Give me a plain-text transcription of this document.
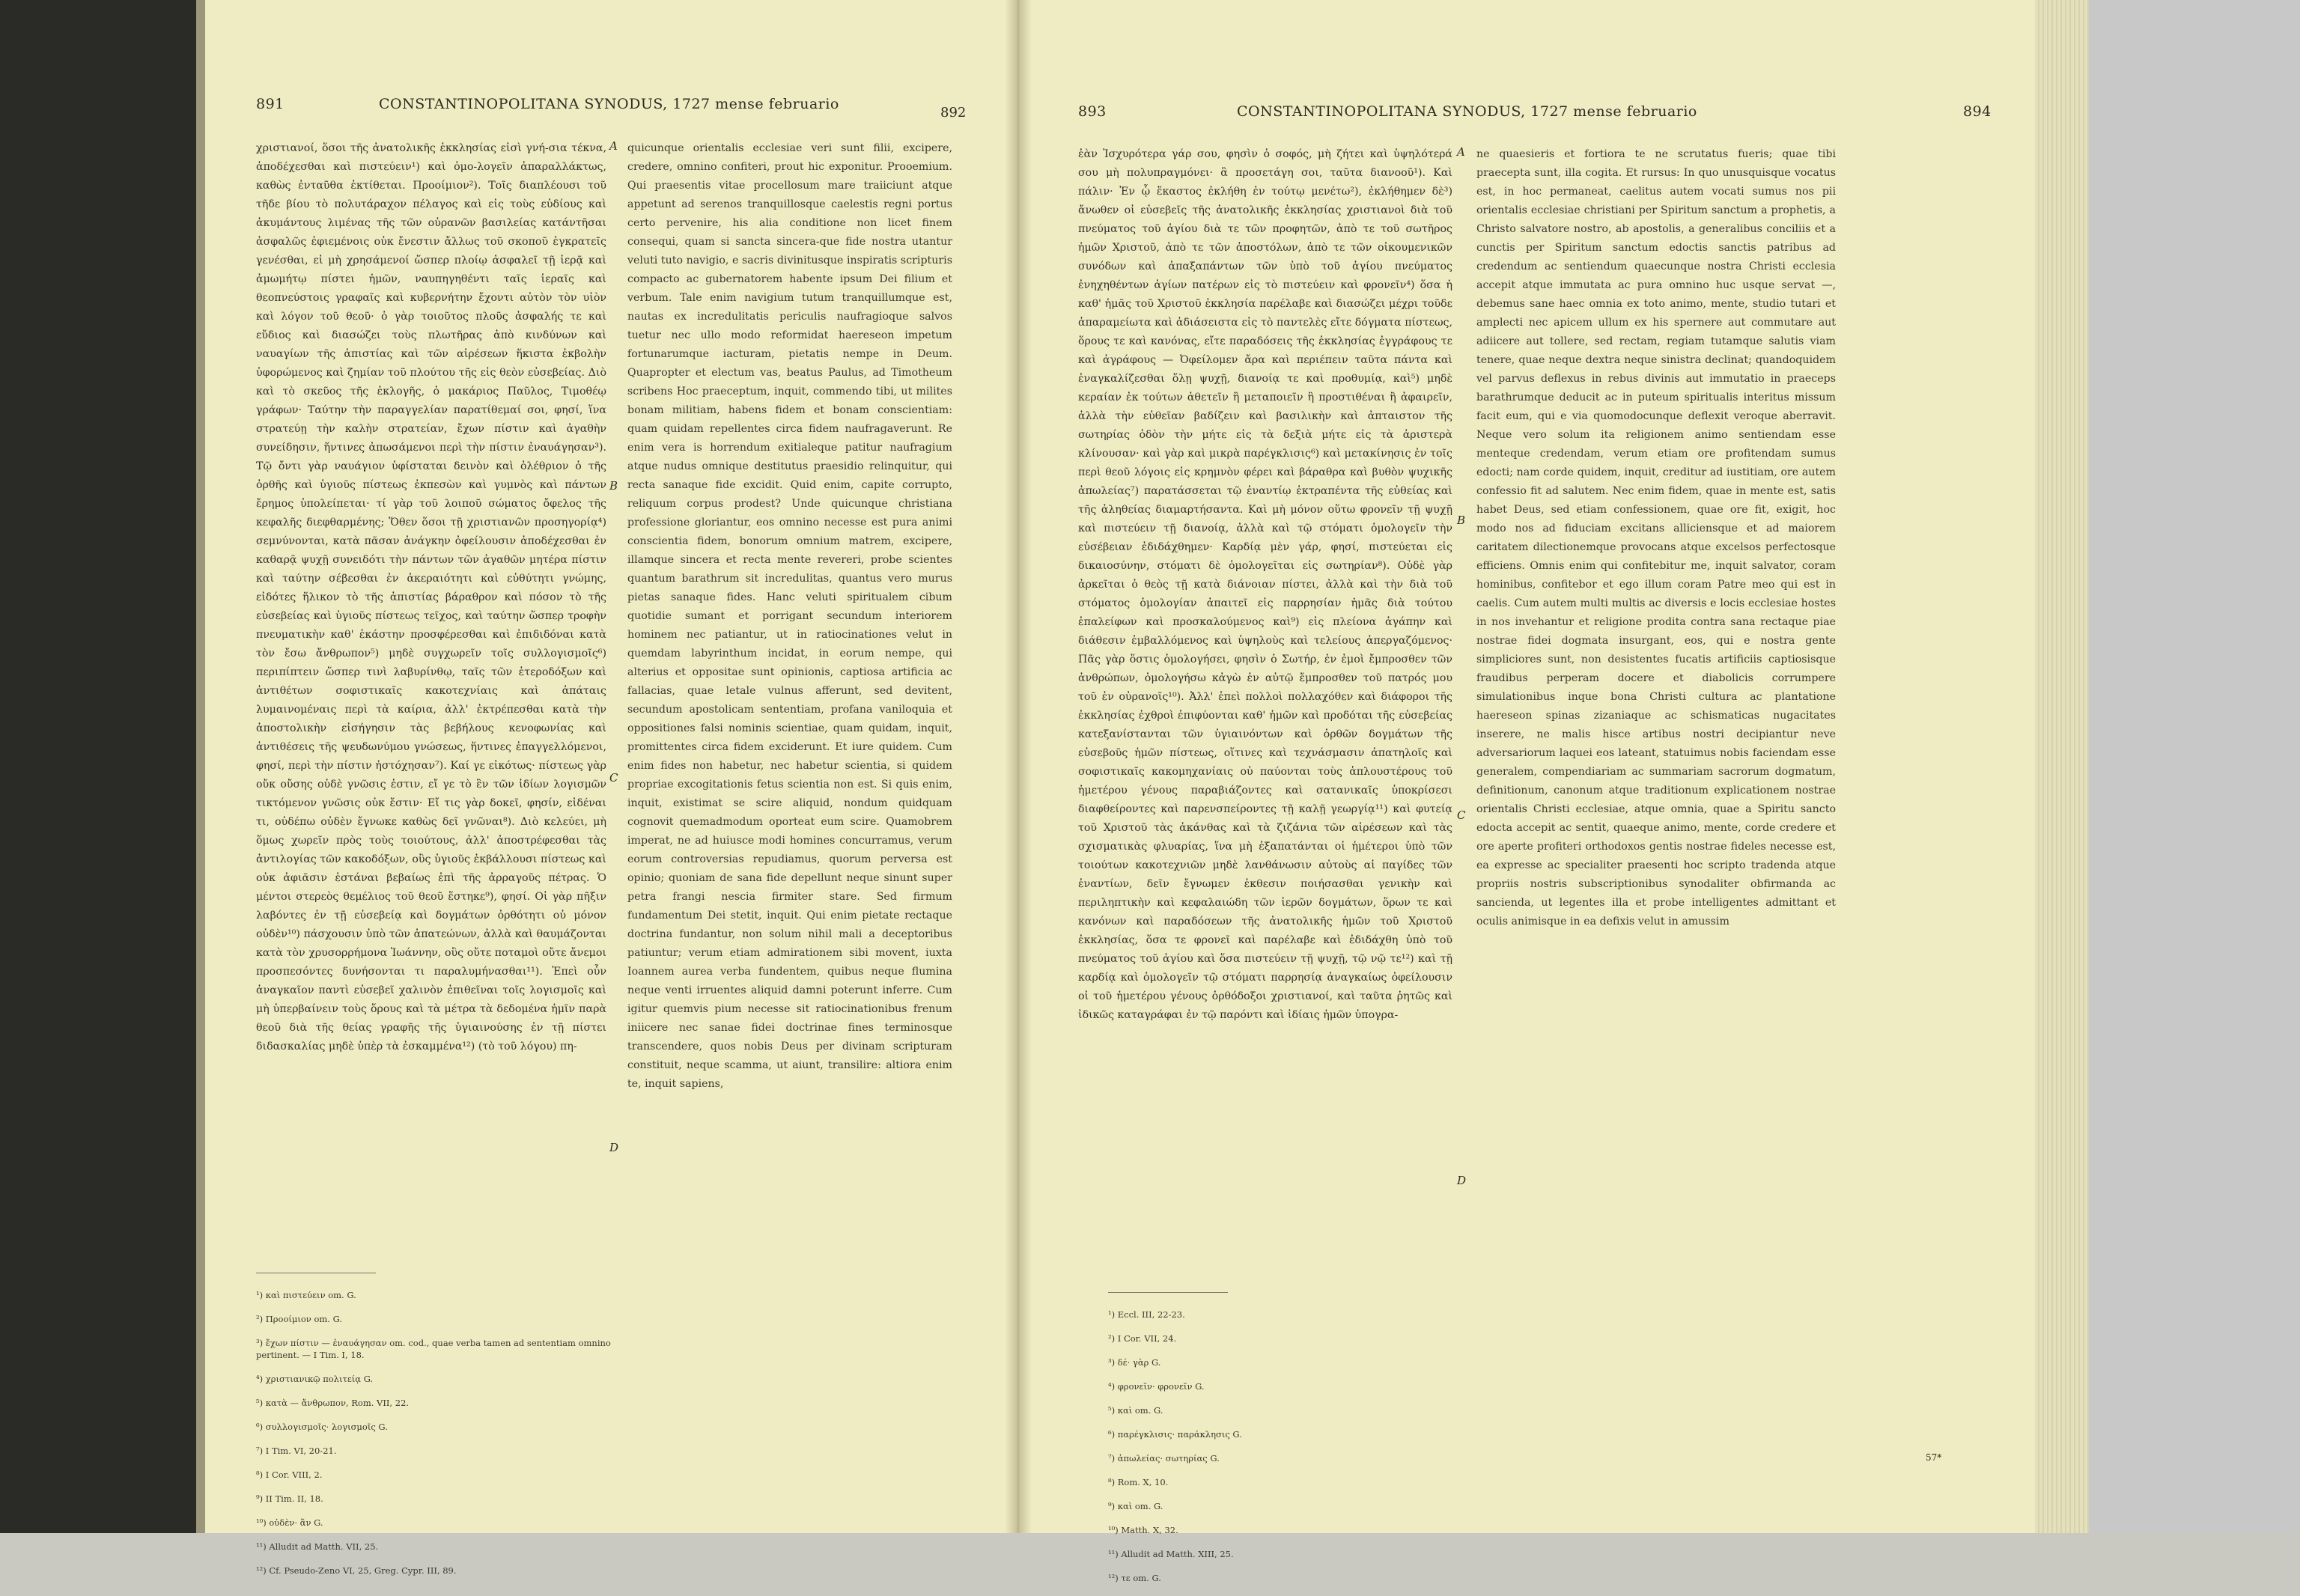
891	CONSTANTINOPOLITANA SYNODUS, 1727 mense februario
892	893	CONSTANTINOPOLITANA SYNODUS, 1727 mense februario	894
χριστιανοί, ὅσοι τῆς ἀνατολικῆς ἐκκλησίας εἰσὶ γνή-σια τέκνα, ἀποδέχεσθαι καὶ πιστεύειν¹) καὶ ὁμο-λογεῖν ἀπαραλλάκτως, καθὼς ἐνταῦθα ἐκτίθεται. Προοίμιον²). Τοῖς διαπλέουσι τοῦ τῆδε βίου τὸ πολυτάραχον πέλαγος καὶ εἰς τοὺς εὐδίους καὶ ἀκυμάντους λιμένας τῆς τῶν οὐρανῶν βασιλείας κατάντῆσαι ἀσφαλῶς ἐφιεμένοις οὐκ ἔνεστιν ἄλλως τοῦ σκοποῦ ἐγκρατεῖς γενέσθαι, εἰ μὴ χρησάμενοί ὥσπερ πλοίῳ ἀσφαλεῖ τῇ ἱερᾷ καὶ ἀμωμήτῳ πίστει ἡμῶν, ναυπηγηθέντι ταῖς ἱεραῖς καὶ θεοπνεύστοις γραφαῖς καὶ κυβερνήτην ἔχοντι αὐτὸν τὸν υἱὸν καὶ λόγον τοῦ θεοῦ· ὁ γὰρ τοιοῦτος πλοῦς ἀσφαλής τε καὶ εὔδιος καὶ διασώζει τοὺς πλωτῆρας ἀπὸ κινδύνων καὶ ναυαγίων τῆς ἀπιστίας καὶ τῶν αἱρέσεων ἥκιστα ἐκβολὴν ὑφορώμενος καὶ ζημίαν τοῦ πλούτου τῆς εἰς θεὸν εὐσεβείας. Διὸ καὶ τὸ σκεῦος τῆς ἐκλογῆς, ὁ μακάριος Παῦλος, Τιμοθέῳ γράφων· Ταύτην τὴν παραγγελίαν παρατίθεμαί σοι, φησί, ἵνα στρατεύῃ τὴν καλὴν στρατείαν, ἔχων πίστιν καὶ ἀγαθὴν συνείδησιν, ἥντινες ἀπωσάμενοι περὶ τὴν πίστιν ἐναυάγησαν³). Τῷ ὄντι γὰρ ναυάγιον ὑφίσταται δεινὸν καὶ ὀλέθριον ὁ τῆς ὀρθῆς καὶ ὑγιοῦς πίστεως ἐκπεσὼν καὶ γυμνὸς καὶ πάντων ἔρημος ὑπολείπεται· τί γὰρ τοῦ λοιποῦ σώματος ὄφελος τῆς κεφαλῆς διεφθαρμένης; Ὅθεν ὅσοι τῇ χριστιανῶν προσηγορίᾳ⁴) σεμνύνονται, κατὰ πᾶσαν ἀνάγκην ὀφείλουσιν ἀποδέχεσθαι ἐν καθαρᾷ ψυχῇ συνειδότι τὴν πάντων τῶν ἀγαθῶν μητέρα πίστιν καὶ ταύτην σέβεσθαι ἐν ἀκεραιότητι καὶ εὐθύτητι γνώμης, εἰδότες ἥλικον τὸ τῆς ἀπιστίας βάραθρον καὶ πόσον τὸ τῆς εὐσεβείας καὶ ὑγιοῦς πίστεως τεῖχος, καὶ ταύτην ὥσπερ τροφὴν πνευματικὴν καθ' ἑκάστην προσφέρεσθαι καὶ ἐπιδιδόναι κατὰ τὸν ἔσω ἄνθρωπον⁵) μηδὲ συγχωρεῖν τοῖς συλλογισμοῖς⁶) περιπίπτειν ὥσπερ τινὶ λαβυρίνθῳ, ταῖς τῶν ἑτεροδόξων καὶ ἀντιθέτων σοφιστικαῖς κακοτεχνίαις καὶ ἀπάταις λυμαινομέναις περὶ τὰ καίρια, ἀλλ' ἐκτρέπεσθαι κατὰ τὴν ἀποστολικὴν εἰσήγησιν τὰς βεβήλους κενοφωνίας καὶ ἀντιθέσεις τῆς ψευδωνύμου γνώσεως, ἥντινες ἐπαγγελλόμενοι, φησί, περὶ τὴν πίστιν ἠστόχησαν⁷). Καί γε εἰκότως· πίστεως γὰρ οὔκ οὔσης οὐδὲ γνῶσις ἐστιν, εἴ γε τὸ ἓν τῶν ἰδίων λογισμῶν τικτόμενον γνῶσις οὐκ ἔστιν· Εἴ τις γὰρ δοκεῖ, φησίν, εἰδέναι τι, οὐδέπω οὐδὲν ἔγνωκε καθὼς δεῖ γνῶναι⁸). Διὸ κελεύει, μὴ ὅμως χωρεῖν πρὸς τοὺς τοιούτους, ἀλλ' ἀποστρέφεσθαι τὰς ἀντιλογίας τῶν κακοδόξων, οὓς ὑγιοῦς ἐκβάλλουσι πίστεως καὶ οὐκ ἀφιᾶσιν ἑστάναι βεβαίως ἐπὶ τῆς ἀρραγοῦς πέτρας. Ὁ μέντοι στερεὸς θεμέλιος τοῦ θεοῦ ἕστηκε⁹), φησί. Οἱ γὰρ πῆξιν λαβόντες ἐν τῇ εὐσεβείᾳ καὶ δογμάτων ὀρθότητι οὐ μόνον οὐδὲν¹⁰) πάσχουσιν ὑπὸ τῶν ἀπατεώνων, ἀλλὰ καὶ θαυμάζονται κατὰ τὸν χρυσορρήμονα Ἰωάννην, οὓς οὔτε ποταμοὶ οὔτε ἄνεμοι προσπεσόντες δυνήσονται τι παραλυμήνασθαι¹¹). Ἐπεὶ οὖν ἀναγκαῖον παντὶ εὐσεβεῖ χαλινὸν ἐπιθεῖναι τοῖς λογισμοῖς καὶ μὴ ὑπερβαίνειν τοὺς ὅρους καὶ τὰ μέτρα τὰ δεδομένα ἡμῖν παρὰ θεοῦ διὰ τῆς θείας γραφῆς τῆς ὑγιαινούσης ἐν τῇ πίστει διδασκαλίας μηδὲ ὑπὲρ τὰ ἐσκαμμένα¹²) (τὸ τοῦ λόγου) πη-
quicunque orientalis ecclesiae veri sunt filii, excipere, credere, omnino confiteri, prout hic exponitur. Prooemium. Qui praesentis vitae procellosum mare traiiciunt atque appetunt ad serenos tranquillosque caelestis regni portus certo pervenire, his alia conditione non licet finem consequi, quam si sancta sincera-que fide nostra utantur veluti tuto navigio, e sacris divinitusque inspiratis scripturis compacto ac gubernatorem habente ipsum Dei filium et verbum. Tale enim navigium tutum tranquillumque est, nautas ex incredulitatis periculis naufragioque salvos tuetur nec ullo modo reformidat haereseon impetum fortunarumque iacturam, pietatis nempe in Deum. Quapropter et electum vas, beatus Paulus, ad Timotheum scribens Hoc praeceptum, inquit, commendo tibi, ut milites bonam militiam, habens fidem et bonam conscientiam: quam quidam repellentes circa fidem naufragaverunt. Re enim vera is horrendum exitialeque patitur naufragium atque nudus omnique destitutus praesidio relinquitur, qui recta sanaque fide excidit. Quid enim, capite corrupto, reliquum corpus prodest? Unde quicunque christiana professione gloriantur, eos omnino necesse est pura animi conscientia fidem, bonorum omnium matrem, excipere, illamque sincera et recta mente revereri, probe scientes quantum barathrum sit incredulitas, quantus vero murus pietas sanaque fides. Hanc veluti spiritualem cibum quotidie sumant et porrigant secundum interiorem hominem nec patiantur, ut in ratiocinationes velut in quemdam labyrinthum incidat, in eorum nempe, qui alterius et oppositae sunt opinionis, captiosa artificia ac fallacias, quae letale vulnus afferunt, sed devitent, secundum apostolicam sententiam, profana vaniloquia et oppositiones falsi nominis scientiae, quam quidam, inquit, promittentes circa fidem exciderunt. Et iure quidem. Cum enim fides non habetur, nec habetur scientia, si quidem propriae excogitationis fetus scientia non est. Si quis enim, inquit, existimat se scire aliquid, nondum quidquam cognovit quemadmodum oporteat eum scire. Quamobrem imperat, ne ad huiusce modi homines concurramus, verum eorum controversias repudiamus, quorum perversa est opinio; quoniam de sana fide depellunt neque sinunt super petra frangi nescia firmiter stare. Sed firmum fundamentum Dei stetit, inquit. Qui enim pietate rectaque doctrina fundantur, non solum nihil mali a deceptoribus patiuntur; verum etiam admirationem sibi movent, iuxta Ioannem aurea verba fundentem, quibus neque flumina neque venti irruentes aliquid damni poterunt inferre. Cum igitur quemvis pium necesse sit ratiocinationibus frenum iniicere nec sanae fidei doctrinae fines terminosque transcendere, quos nobis Deus per divinam scripturam constituit, neque scamma, ut aiunt, transilire: altiora enim te, inquit sapiens,
A
B
C
D

¹) καὶ πιστεύειν om. G.

²) Προοίμιον om. G.

³) ἔχων πίστιν — ἐναυάγησαν om. cod., quae verba tamen ad sententiam omnino pertinent. — I Tim. I, 18.

⁴) χριστιανικῷ πολιτείᾳ G.

⁵) κατὰ — ἄνθρωπον, Rom. VII, 22.

⁶) συλλογισμοῖς· λογισμοῖς G.

⁷) I Tim. VI, 20-21.

⁸) I Cor. VIII, 2.

⁹) II Tim. II, 18.

¹⁰) οὐδὲν· ἂν G.

¹¹) Alludit ad Matth. VII, 25.

¹²) Cf. Pseudo-Zeno VI, 25, Greg. Cypr. III, 89.

ἐὰν Ἰσχυρότερα γάρ σου, φησὶν ὁ σοφός, μὴ ζήτει καὶ ὑψηλότερά σου μὴ πολυπραγμόνει· ἃ προσετάγη σοι, ταῦτα διανοοῦ¹). Καὶ πάλιν· Ἐν ᾧ ἕκαστος ἐκλήθη ἐν τούτῳ μενέτω²), ἐκλήθημεν δὲ³) ἄνωθεν οἱ εὐσεβεῖς τῆς ἀνατολικῆς ἐκκλησίας χριστιανοὶ διὰ τοῦ πνεύματος τοῦ ἁγίου διὰ τε τῶν προφητῶν, ἀπὸ τε τοῦ σωτῆρος ἡμῶν Χριστοῦ, ἀπὸ τε τῶν ἀποστόλων, ἀπὸ τε τῶν οἰκουμενικῶν συνόδων καὶ ἁπαξαπάντων τῶν ὑπὸ τοῦ ἁγίου πνεύματος ἐνηχηθέντων ἁγίων πατέρων εἰς τὸ πιστεύειν καὶ φρονεῖν⁴) ὅσα ἡ καθ' ἡμᾶς τοῦ Χριστοῦ ἐκκλησία παρέλαβε καὶ διασώζει μέχρι τοῦδε ἀπαραμείωτα καὶ ἀδιάσειστα εἰς τὸ παντελὲς εἴτε δόγματα πίστεως, ὅρους τε καὶ κανόνας, εἴτε παραδόσεις τῆς ἐκκλησίας ἐγγράφους τε καὶ ἀγράφους — Ὀφείλομεν ἄρα καὶ περιέπειν ταῦτα πάντα καὶ ἐναγκαλίζεσθαι ὅλῃ ψυχῇ, διανοίᾳ τε καὶ προθυμίᾳ, καὶ⁵) μηδὲ κεραίαν ἐκ τούτων ἀθετεῖν ἢ μεταποιεῖν ἢ προστιθέναι ἢ ἀφαιρεῖν, ἀλλὰ τὴν εὐθεῖαν βαδίζειν καὶ βασιλικὴν καὶ ἀπταιστον τῆς σωτηρίας ὁδὸν τὴν μήτε εἰς τὰ δεξιὰ μήτε εἰς τὰ ἀριστερὰ κλίνουσαν· καὶ γὰρ καὶ μικρὰ παρέγκλισις⁶) καὶ μετακίνησις ἐν τοῖς περὶ θεοῦ λόγοις εἰς κρημνὸν φέρει καὶ βάραθρα καὶ βυθὸν ψυχικῆς ἀπωλείας⁷) παρατάσσεται τῷ ἐναντίῳ ἐκτραπέντα τῆς εὐθείας καὶ τῆς ἀληθείας διαμαρτήσαντα. Καὶ μὴ μόνον οὕτω φρονεῖν τῇ ψυχῇ καὶ πιστεύειν τῇ διανοίᾳ, ἀλλὰ καὶ τῷ στόματι ὁμολογεῖν τὴν εὐσέβειαν ἐδιδάχθημεν· Καρδίᾳ μὲν γάρ, φησί, πιστεύεται εἰς δικαιοσύνην, στόματι δὲ ὁμολογεῖται εἰς σωτηρίαν⁸). Οὐδὲ γὰρ ἀρκεῖται ὁ θεὸς τῇ κατὰ διάνοιαν πίστει, ἀλλὰ καὶ τὴν διὰ τοῦ στόματος ὁμολογίαν ἀπαιτεῖ εἰς παρρησίαν ἡμᾶς διὰ τούτου ἐπαλείφων καὶ προσκαλούμενος καὶ⁹) εἰς πλείονα ἀγάπην καὶ διάθεσιν ἐμβαλλόμενος καὶ ὑψηλοὺς καὶ τελείους ἀπεργαζόμενος· Πᾶς γὰρ ὅστις ὁμολογήσει, φησὶν ὁ Σωτήρ, ἐν ἐμοὶ ἔμπροσθεν τῶν ἀνθρώπων, ὁμολογήσω κἀγὼ ἐν αὐτῷ ἔμπροσθεν τοῦ πατρός μου τοῦ ἐν οὐρανοῖς¹⁰). Ἀλλ' ἐπεὶ πολλοὶ πολλαχόθεν καὶ διάφοροι τῆς ἐκκλησίας ἐχθροὶ ἐπιφύονται καθ' ἡμῶν καὶ προδόται τῆς εὐσεβείας κατεξανίστανται τῶν ὑγιαινόντων καὶ ὀρθῶν δογμάτων τῆς εὐσεβοῦς ἡμῶν πίστεως, οἵτινες καὶ τεχνάσμασιν ἀπατηλοῖς καὶ σοφιστικαῖς κακομηχανίαις οὐ παύονται τοὺς ἁπλουστέρους τοῦ ἡμετέρου γένους παραβιάζοντες καὶ σατανικαῖς ὑποκρίσεσι διαφθείροντες καὶ παρενσπείροντες τῇ καλῇ γεωργίᾳ¹¹) καὶ φυτείᾳ τοῦ Χριστοῦ τὰς ἀκάνθας καὶ τὰ ζιζάνια τῶν αἱρέσεων καὶ τὰς σχισματικὰς φλυαρίας, ἵνα μὴ ἐξαπατάνται οἱ ἡμέτεροι ὑπὸ τῶν τοιούτων κακοτεχνιῶν μηδὲ λανθάνωσιν αὐτοὺς αἱ παγίδες τῶν ἐναντίων, δεῖν ἔγνωμεν ἐκθεσιν ποιήσασθαι γενικὴν καὶ περιληπτικὴν καὶ κεφαλαιώδη τῶν ἱερῶν δογμάτων, ὅρων τε καὶ κανόνων καὶ παραδόσεων τῆς ἀνατολικῆς ἡμῶν τοῦ Χριστοῦ ἐκκλησίας, ὅσα τε φρονεῖ καὶ παρέλαβε καὶ ἐδιδάχθη ὑπὸ τοῦ πνεύματος τοῦ ἁγίου καὶ ὅσα πιστεύειν τῇ ψυχῇ, τῷ νῷ τε¹²) καὶ τῇ καρδίᾳ καὶ ὁμολογεῖν τῷ στόματι παρρησίᾳ ἀναγκαίως ὀφείλουσιν οἱ τοῦ ἡμετέρου γένους ὀρθόδοξοι χριστιανοί, καὶ ταῦτα ῥητῶς καὶ ἰδικῶς καταγράφαι ἐν τῷ παρόντι καὶ ἰδίαις ἡμῶν ὑπογρα-
ne quaesieris et fortiora te ne scrutatus fueris; quae tibi praecepta sunt, illa cogita. Et rursus: In quo unusquisque vocatus est, in hoc permaneat, caelitus autem vocati sumus nos pii orientalis ecclesiae christiani per Spiritum sanctum a prophetis, a Christo salvatore nostro, ab apostolis, a generalibus conciliis et a cunctis per Spiritum sanctum edoctis sanctis patribus ad credendum ac sentiendum quaecunque nostra Christi ecclesia accepit atque immutata ac pura omnino huc usque servat —, debemus sane haec omnia ex toto animo, mente, studio tutari et amplecti nec apicem ullum ex his spernere aut commutare aut adiicere aut tollere, sed rectam, regiam tutamque salutis viam tenere, quae neque dextra neque sinistra declinat; quandoquidem vel parvus deflexus in rebus divinis aut immutatio in praeceps barathrumque deducit ac in puteum spiritualis interitus missum facit eum, qui e via quomodocunque deflexit veroque aberravit. Neque vero solum ita religionem animo sentiendam esse menteque credendam, verum etiam ore profitendam sumus edocti; nam corde quidem, inquit, creditur ad iustitiam, ore autem confessio fit ad salutem. Nec enim fidem, quae in mente est, satis habet Deus, sed etiam confessionem, quae ore fit, exigit, hoc modo nos ad fiduciam excitans alliciensque et ad maiorem caritatem dilectionemque provocans atque excelsos perfectosque efficiens. Omnis enim qui confitebitur me, inquit salvator, coram hominibus, confitebor et ego illum coram Patre meo qui est in caelis. Cum autem multi multis ac diversis e locis ecclesiae hostes in nos invehantur et religione prodita contra sana rectaque piae nostrae fidei dogmata insurgant, eos, qui e nostra gente simpliciores sunt, non desistentes fucatis artificiis captiosisque fraudibus perperam docere et diabolicis corrumpere simulationibus inque bona Christi cultura ac plantatione haereseon spinas zizaniaque ac schismaticas nugacitates inserere, ne malis hisce artibus nostri decipiantur neve adversariorum laquei eos lateant, statuimus nobis faciendam esse generalem, compendiariam ac summariam sacrorum dogmatum, definitionum, canonum atque traditionum explicationem nostrae orientalis Christi ecclesiae, atque omnia, quae a Spiritu sancto edocta accepit ac sentit, quaeque animo, mente, corde credere et ore aperte profiteri orthodoxos gentis nostrae fideles necesse est, ea expresse ac specialiter praesenti hoc scripto tradenda atque propriis nostris subscriptionibus synodaliter obfirmanda ac sancienda, ut legentes illa et probe intelligentes admittant et oculis animisque in ea defixis velut in amussim
A
B
C
D

¹) Eccl. III, 22-23.

²) I Cor. VII, 24.

³) δέ· γὰρ G.

⁴) φρονεῖν· φρονεῖν G.

⁵) καὶ om. G.

⁶) παρέγκλισις· παράκλησις G.

⁷) ἀπωλείας· σωτηρίας G.

⁸) Rom. X, 10.

⁹) καὶ om. G.

¹⁰) Matth. X, 32.

¹¹) Alludit ad Matth. XIII, 25.

¹²) τε om. G.

57*
